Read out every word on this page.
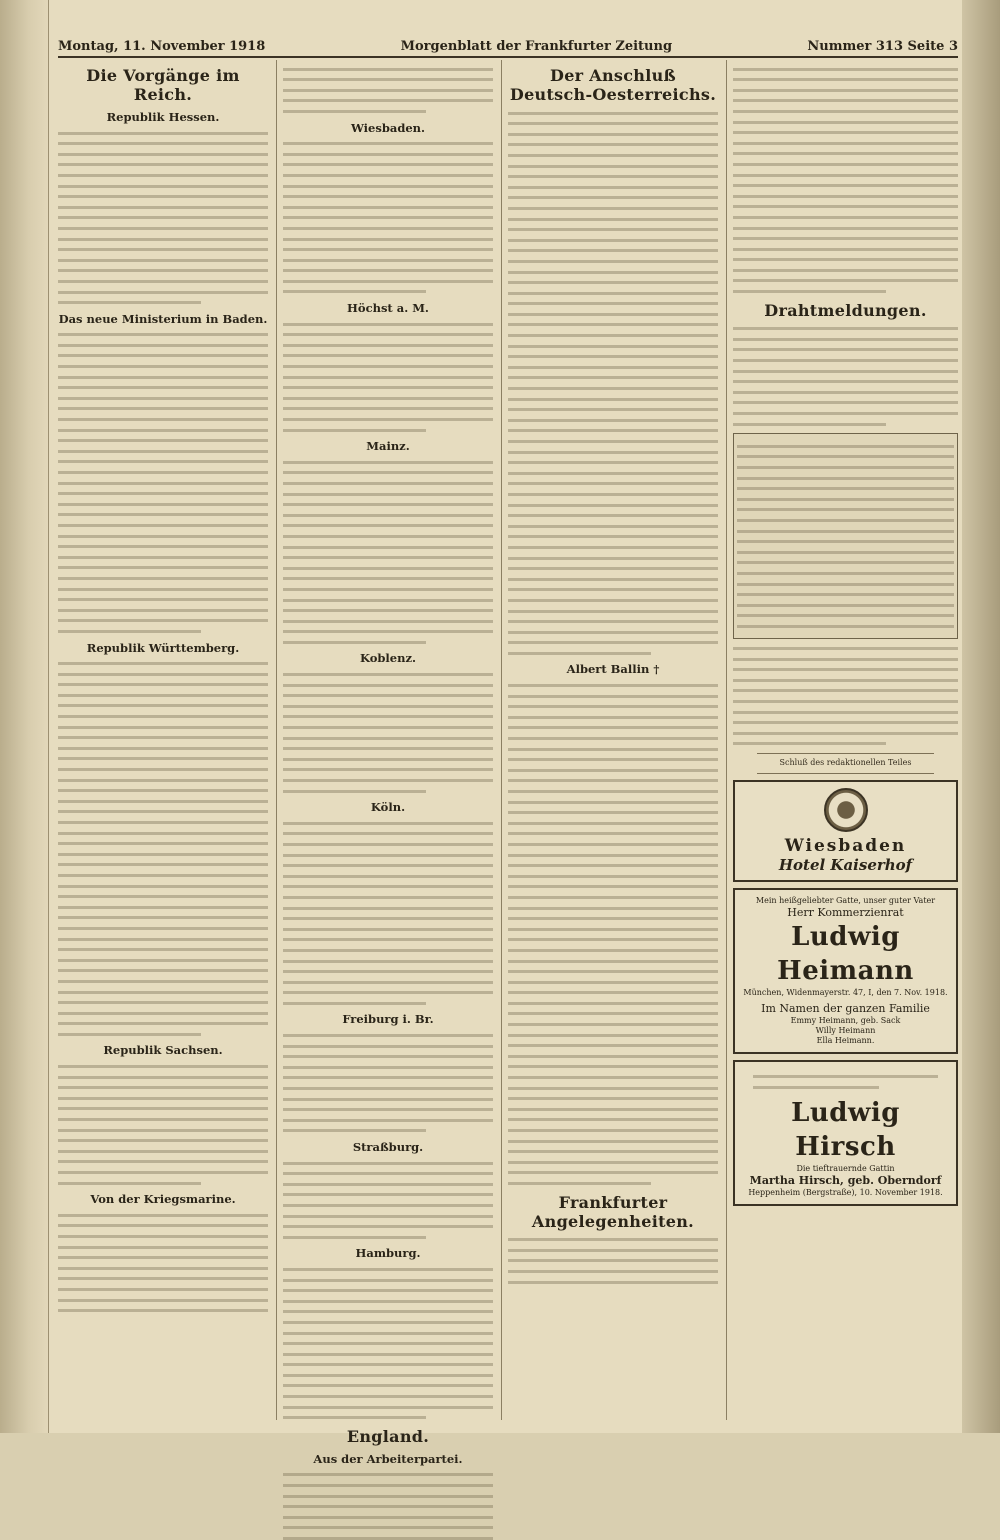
Montag, 11. November 1918	Morgenblatt der Frankfurter Zeitung	Nummer 313 Seite 3
Die Vorgänge im Reich.
Republik Hessen.
Das neue Ministerium in Baden.
Republik Württemberg.
Republik Sachsen.
Von der Kriegsmarine.
Wiesbaden.
Höchst a. M.
Mainz.
Koblenz.
Köln.
Freiburg i. Br.
Straßburg.
Hamburg.
England.
Aus der Arbeiterpartei.
Der Anschluß Deutsch-Oesterreichs.
Albert Ballin †
Frankfurter Angelegenheiten.
Drahtmeldungen.

Schluß des redaktionellen Teiles

Wiesbaden
Hotel Kaiserhof
Mein heißgeliebter Gatte, unser guter Vater
Herr Kommerzienrat
Ludwig Heimann
München, Widenmayerstr. 47, I, den 7. Nov. 1918.
Im Namen der ganzen Familie
Emmy Heimann, geb. Sack
Willy Heimann
Ella Heimann.
Ludwig Hirsch
Die tieftrauernde Gattin
Martha Hirsch, geb. Oberndorf
Heppenheim (Bergstraße), 10. November 1918.
